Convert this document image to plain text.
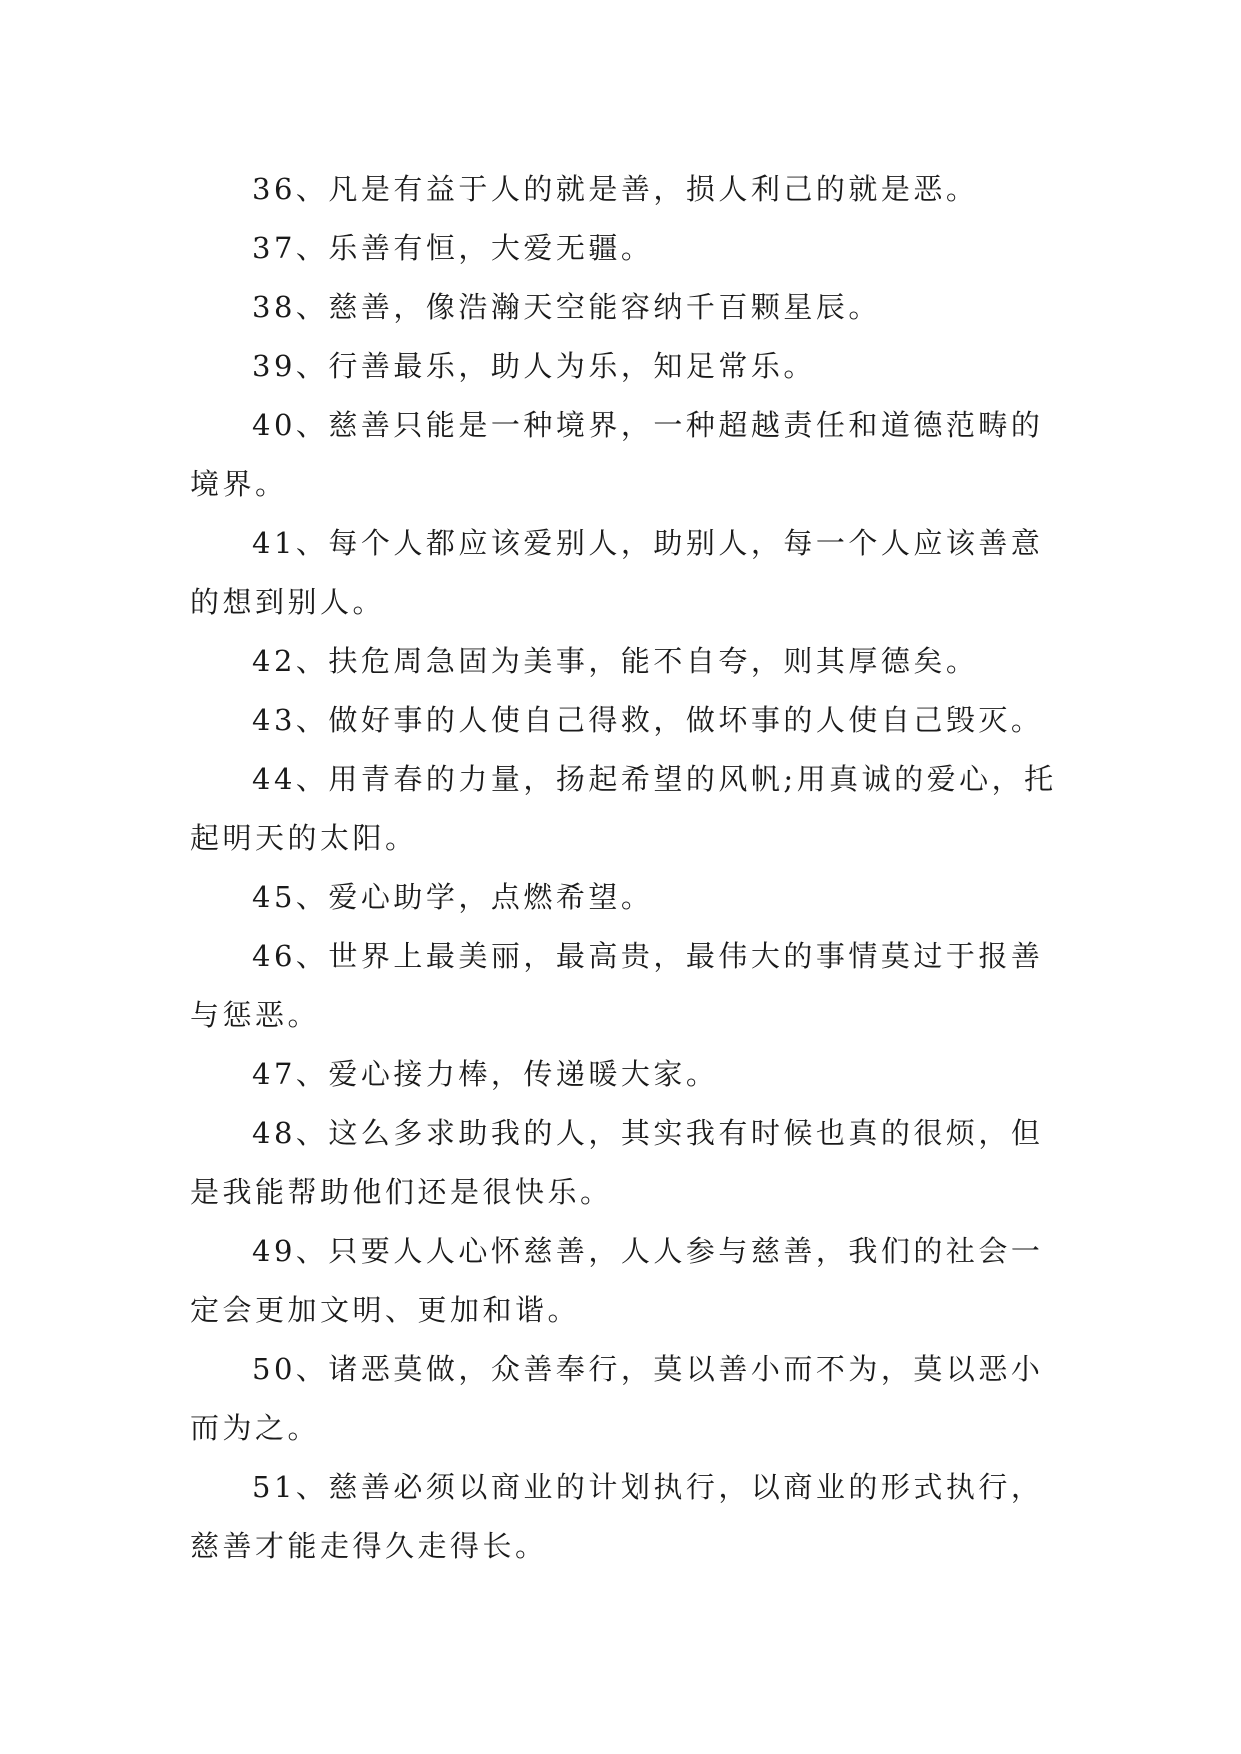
36、凡是有益于人的就是善，损人利己的就是恶。

37、乐善有恒，大爱无疆。

38、慈善，像浩瀚天空能容纳千百颗星辰。

39、行善最乐，助人为乐，知足常乐。

40、慈善只能是一种境界，一种超越责任和道德范畴的境界。

41、每个人都应该爱别人，助别人，每一个人应该善意的想到别人。

42、扶危周急固为美事，能不自夸，则其厚德矣。

43、做好事的人使自己得救，做坏事的人使自己毁灭。

44、用青春的力量，扬起希望的风帆;用真诚的爱心，托起明天的太阳。

45、爱心助学，点燃希望。

46、世界上最美丽，最高贵，最伟大的事情莫过于报善与惩恶。

47、爱心接力棒，传递暖大家。

48、这么多求助我的人，其实我有时候也真的很烦，但是我能帮助他们还是很快乐。

49、只要人人心怀慈善，人人参与慈善，我们的社会一定会更加文明、更加和谐。

50、诸恶莫做，众善奉行，莫以善小而不为，莫以恶小而为之。

51、慈善必须以商业的计划执行，以商业的形式执行，慈善才能走得久走得长。
